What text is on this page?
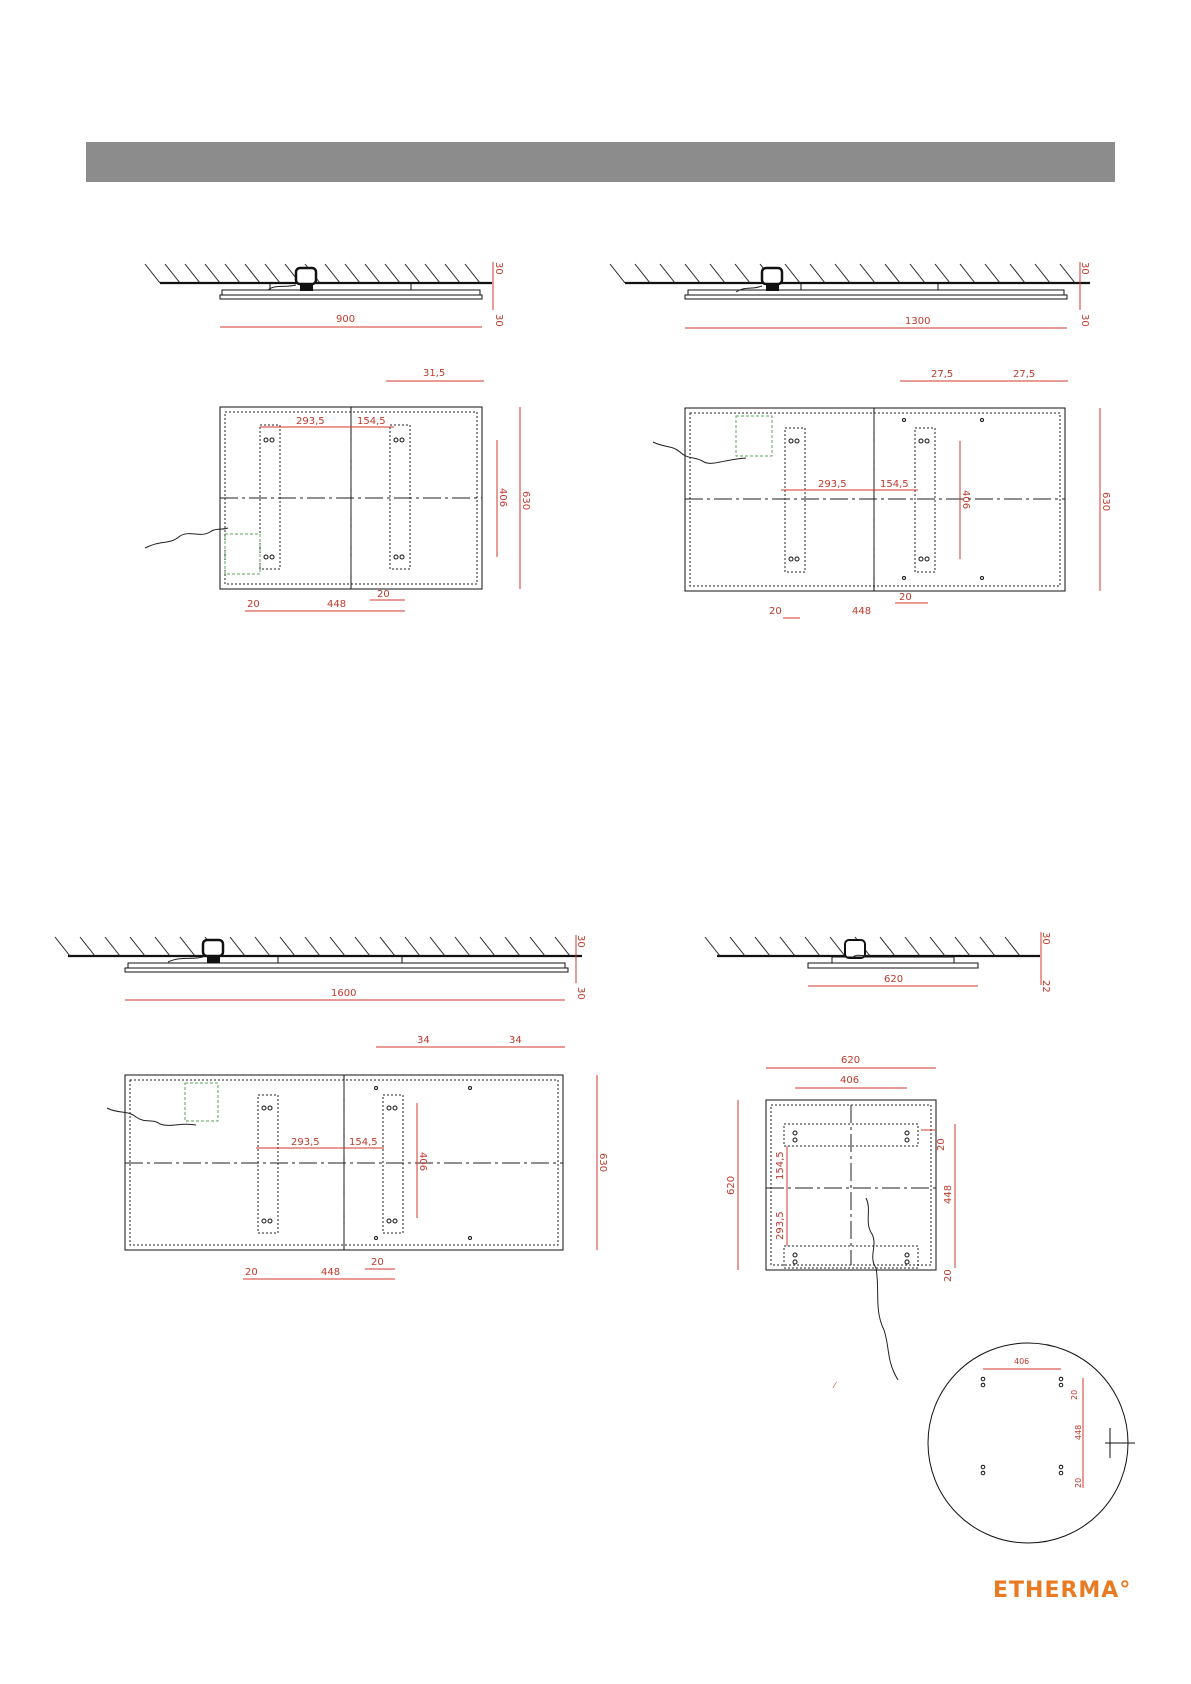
30
30
900
31,5
293,5	154,5
406 630
20	448
20
30
30
1300
27,5	27,5
293,5	154,5
406	630
20	448
20
30
30
1600
34	34
293,5	154,5
406	630
20	448
20
30
22
620
620
406
620
154,5
293,5
20
448
20
406
20
448
20
⁄
ETHERMA°
